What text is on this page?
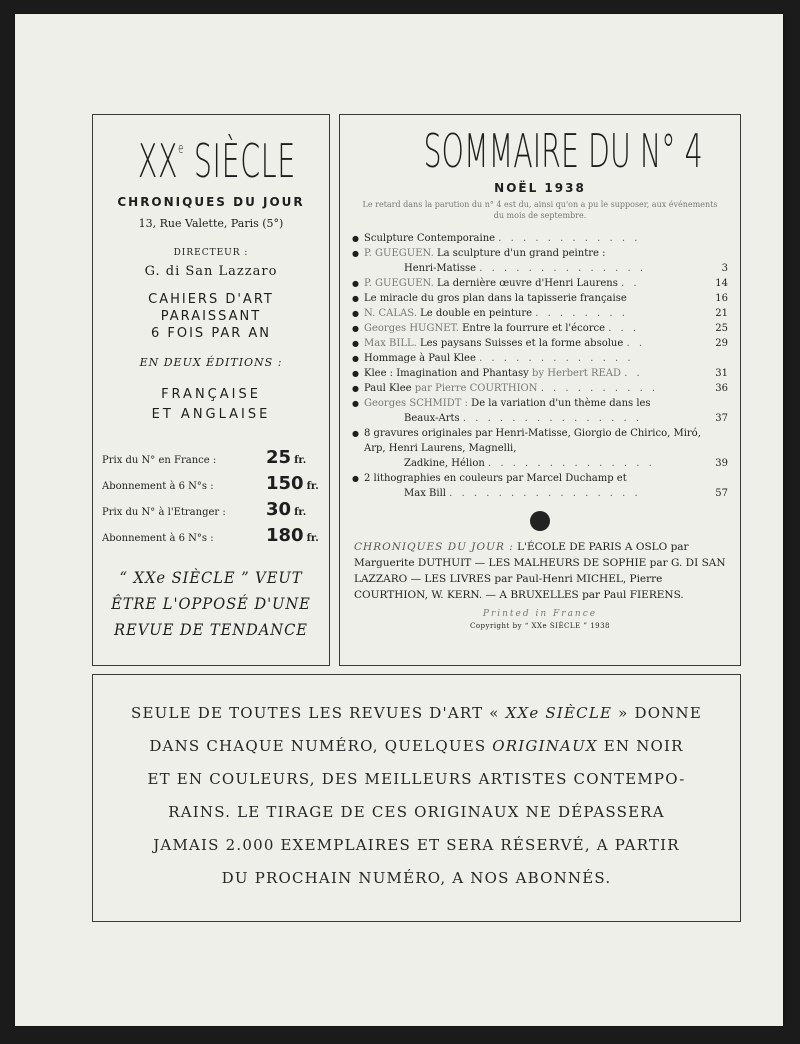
XXe SIÈCLE
CHRONIQUES DU JOUR
13, Rue Valette, Paris (5°)
DIRECTEUR :
G. di San Lazzaro
CAHIERS D'ART
PARAISSANT
6 FOIS PAR AN
EN DEUX ÉDITIONS :
FRANÇAISE
ET ANGLAISE
Prix du N° en France :	25 fr.
Abonnement à 6 N°s :	150 fr.
Prix du N° à l'Etranger :	30 fr.
Abonnement à 6 N°s :	180 fr.
“ XXe SIÈCLE ” VEUT
ÊTRE L'OPPOSÉ D'UNE
REVUE DE TENDANCE
SOMMAIRE DU N° 4
NOËL 1938
Le retard dans la parution du n° 4 est du, ainsi qu'on a pu le supposer, aux événements du mois de septembre.
● Sculpture Contemporaine . . . . . . . . . . . .
● P. GUEGUEN. La sculpture d'un grand peintre :
Henri-Matisse . . . . . . . . . . . . . .	3
● P. GUEGUEN. La dernière œuvre d'Henri Laurens . .	14
● Le miracle du gros plan dans la tapisserie française	16
● N. CALAS. Le double en peinture . . . . . . . .	21
● Georges HUGNET. Entre la fourrure et l'écorce . . .	25
● Max BILL. Les paysans Suisses et la forme absolue . .	29
● Hommage à Paul Klee . . . . . . . . . . . . .
● Klee : Imagination and Phantasy by Herbert READ . .	31
● Paul Klee par Pierre COURTHION . . . . . . . . . .	36
● Georges SCHMIDT : De la variation d'un thème dans les
Beaux-Arts . . . . . . . . . . . . . . .	37
● 8 gravures originales par Henri-Matisse, Giorgio de Chirico, Miró, Arp, Henri Laurens, Magnelli,
Zadkine, Hélion . . . . . . . . . . . . . .	39
● 2 lithographies en couleurs par Marcel Duchamp et
Max Bill . . . . . . . . . . . . . . . .	57
CHRONIQUES DU JOUR : L'ÉCOLE DE PARIS A OSLO par Marguerite DUTHUIT — LES MALHEURS DE SOPHIE par G. DI SAN LAZZARO — LES LIVRES par Paul-Henri MICHEL, Pierre COURTHION, W. KERN. — A BRUXELLES par Paul FIERENS.
Printed in France
Copyright by “ XXe SIÈCLE ” 1938
SEULE DE TOUTES LES REVUES D'ART « XXe SIÈCLE » DONNE
DANS CHAQUE NUMÉRO, QUELQUES ORIGINAUX EN NOIR
ET EN COULEURS, DES MEILLEURS ARTISTES CONTEMPO-
RAINS. LE TIRAGE DE CES ORIGINAUX NE DÉPASSERA
JAMAIS 2.000 EXEMPLAIRES ET SERA RÉSERVÉ, A PARTIR
DU PROCHAIN NUMÉRO, A NOS ABONNÉS.
